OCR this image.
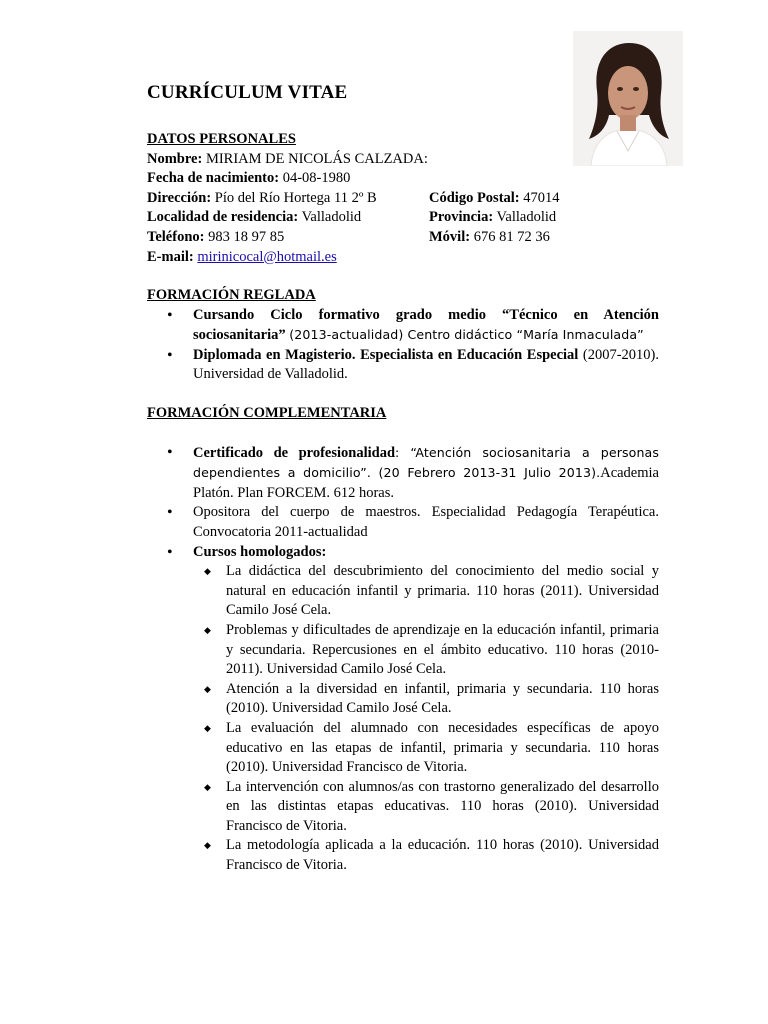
CURRÍCULUM VITAE

DATOS PERSONALES

Nombre: MIRIAM DE NICOLÁS CALZADA:
Fecha de nacimiento: 04-08-1980
Dirección: Pío del Río Hortega 11 2º B	Código Postal: 47014
Localidad de residencia: Valladolid	Provincia: Valladolid
Teléfono: 983 18 97 85	Móvil: 676 81 72 36
E-mail: mirinicocal@hotmail.es

FORMACIÓN REGLADA

• Cursando Ciclo formativo grado medio “Técnico en Atención sociosanitaria” (2013-actualidad) Centro didáctico “María Inmaculada”
• Diplomada en Magisterio. Especialista en Educación Especial (2007-2010). Universidad de Valladolid.

FORMACIÓN COMPLEMENTARIA

• Certificado de profesionalidad: “Atención sociosanitaria a personas dependientes a domicilio”. (20 Febrero 2013-31 Julio 2013).Academia Platón. Plan FORCEM. 612 horas.
• Opositora del cuerpo de maestros. Especialidad Pedagogía Terapéutica. Convocatoria 2011-actualidad
• Cursos homologados:
◆ La didáctica del descubrimiento del conocimiento del medio social y natural en educación infantil y primaria. 110 horas (2011). Universidad Camilo José Cela.
◆ Problemas y dificultades de aprendizaje en la educación infantil, primaria y secundaria. Repercusiones en el ámbito educativo. 110 horas (2010-2011). Universidad Camilo José Cela.
◆ Atención a la diversidad en infantil, primaria y secundaria. 110 horas (2010). Universidad Camilo José Cela.
◆ La evaluación del alumnado con necesidades específicas de apoyo educativo en las etapas de infantil, primaria y secundaria. 110 horas (2010). Universidad Francisco de Vitoria.
◆ La intervención con alumnos/as con trastorno generalizado del desarrollo en las distintas etapas educativas. 110 horas (2010). Universidad Francisco de Vitoria.
◆ La metodología aplicada a la educación. 110 horas (2010). Universidad Francisco de Vitoria.
